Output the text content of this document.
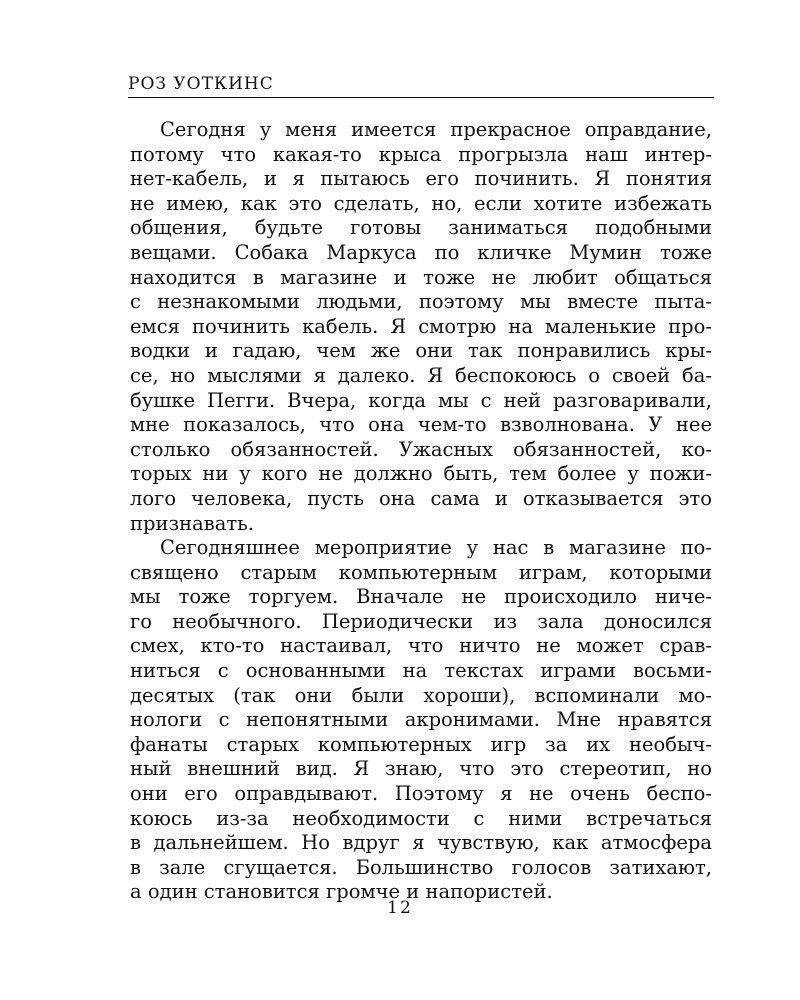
РОЗ УОТКИНС

Сегодня у меня имеется прекрасное оправдание,
потому что какая-то крыса прогрызла наш интер-
нет-кабель, и я пытаюсь его починить. Я понятия
не имею, как это сделать, но, если хотите избежать
общения, будьте готовы заниматься подобными
вещами. Собака Маркуса по кличке Мумин тоже
находится в магазине и тоже не любит общаться
с незнакомыми людьми, поэтому мы вместе пыта-
емся починить кабель. Я смотрю на маленькие про-
водки и гадаю, чем же они так понравились кры-
се, но мыслями я далеко. Я беспокоюсь о своей ба-
бушке Пегги. Вчера, когда мы с ней разговаривали,
мне показалось, что она чем-то взволнована. У нее
столько обязанностей. Ужасных обязанностей, ко-
торых ни у кого не должно быть, тем более у пожи-
лого человека, пусть она сама и отказывается это
признавать.

Сегодняшнее мероприятие у нас в магазине по-
священо старым компьютерным играм, которыми
мы тоже торгуем. Вначале не происходило ниче-
го необычного. Периодически из зала доносился
смех, кто-то настаивал, что ничто не может срав-
ниться с основанными на текстах играми восьми-
десятых (так они были хороши), вспоминали мо-
нологи с непонятными акронимами. Мне нравятся
фанаты старых компьютерных игр за их необыч-
ный внешний вид. Я знаю, что это стереотип, но
они его оправдывают. Поэтому я не очень беспо-
коюсь из-за необходимости с ними встречаться
в дальнейшем. Но вдруг я чувствую, как атмосфера
в зале сгущается. Большинство голосов затихают,
а один становится громче и напористей.

12
